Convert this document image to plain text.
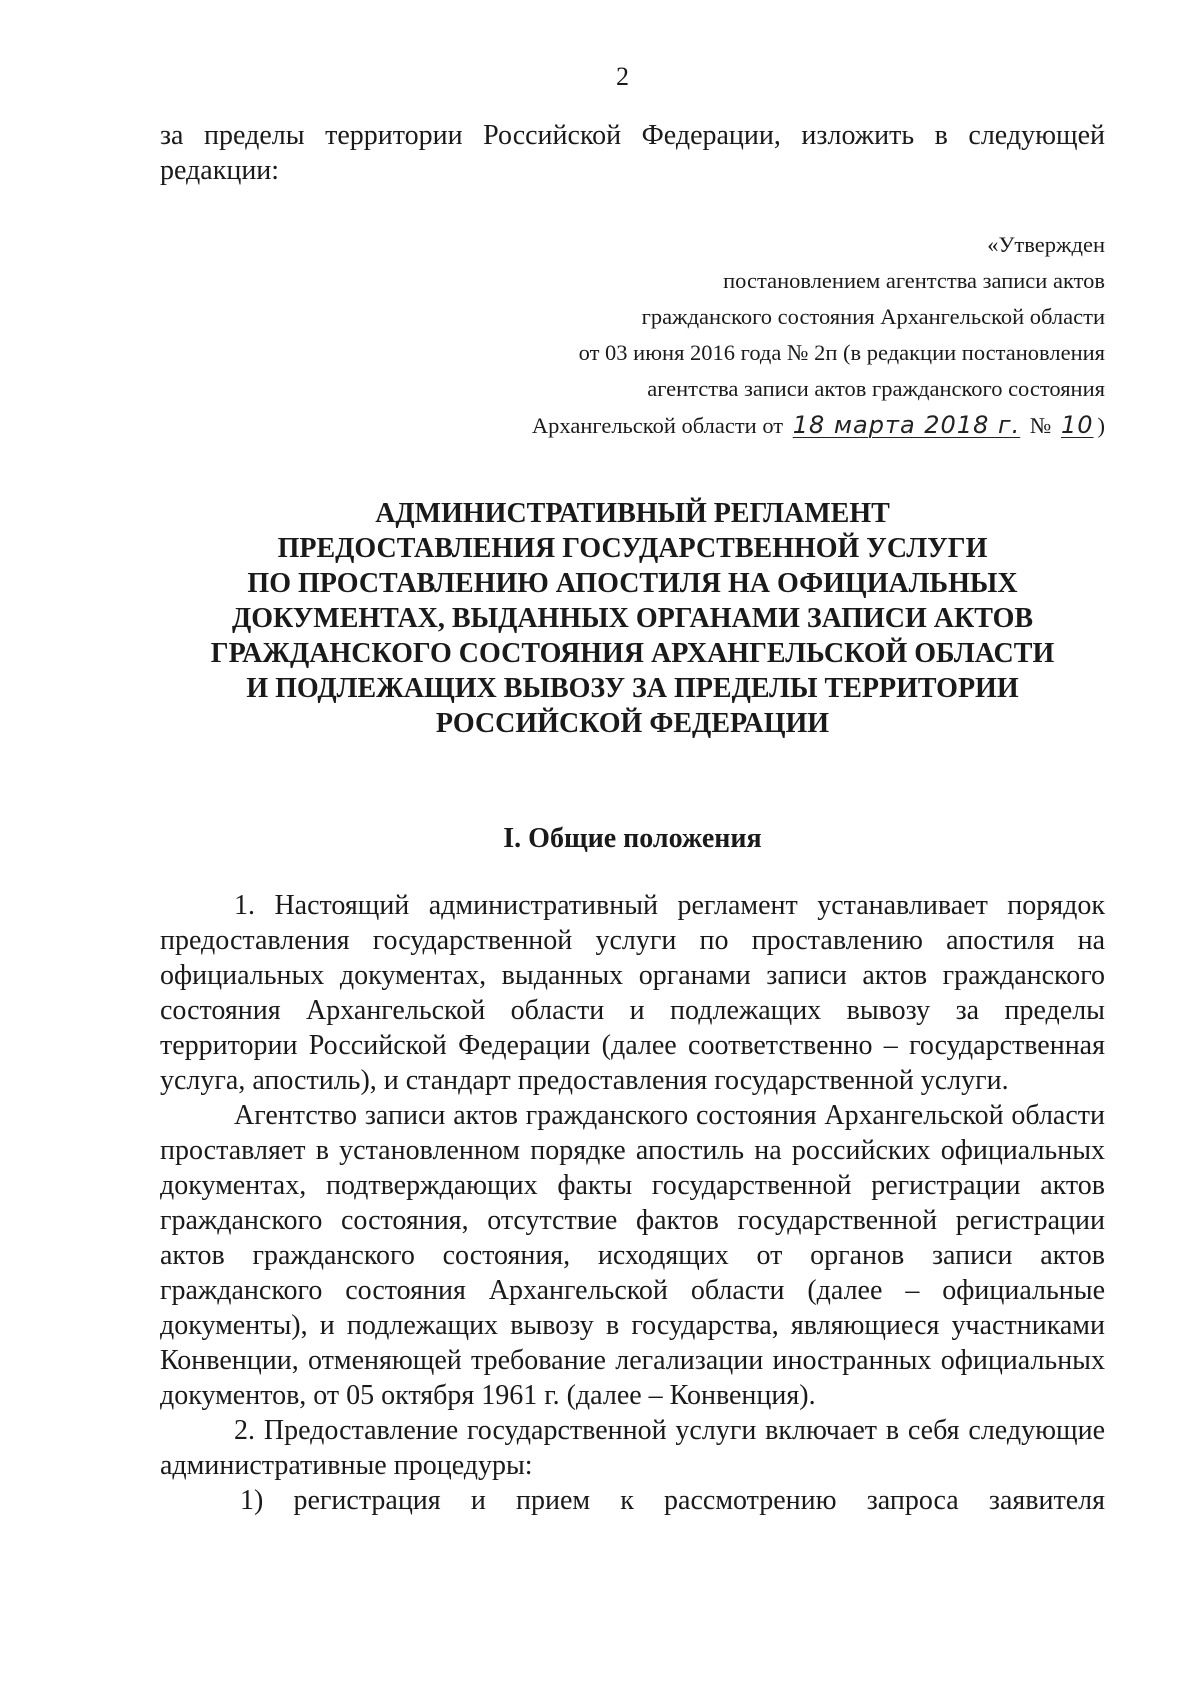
2

за пределы территории Российской Федерации, изложить в следующей

редакции:

«Утвержден

постановлением агентства записи актов

гражданского состояния Архангельской области

от 03 июня 2016 года № 2п (в редакции постановления

агентства записи актов гражданского состояния

Архангельской области от 18 марта 2018 г. № 10 )

АДМИНИСТРАТИВНЫЙ РЕГЛАМЕНТ

ПРЕДОСТАВЛЕНИЯ ГОСУДАРСТВЕННОЙ УСЛУГИ

ПО ПРОСТАВЛЕНИЮ АПОСТИЛЯ НА ОФИЦИАЛЬНЫХ

ДОКУМЕНТАХ, ВЫДАННЫХ ОРГАНАМИ ЗАПИСИ АКТОВ

ГРАЖДАНСКОГО СОСТОЯНИЯ АРХАНГЕЛЬСКОЙ ОБЛАСТИ

И ПОДЛЕЖАЩИХ ВЫВОЗУ ЗА ПРЕДЕЛЫ ТЕРРИТОРИИ

РОССИЙСКОЙ ФЕДЕРАЦИИ

I. Общие положения

1. Настоящий административный регламент устанавливает порядок предоставления государственной услуги по проставлению апостиля на официальных документах, выданных органами записи актов гражданского состояния Архангельской области и подлежащих вывозу за пределы территории Российской Федерации (далее соответственно – государственная услуга, апостиль), и стандарт предоставления государственной услуги.

Агентство записи актов гражданского состояния Архангельской области проставляет в установленном порядке апостиль на российских официальных документах, подтверждающих факты государственной регистрации актов гражданского состояния, отсутствие фактов государственной регистрации актов гражданского состояния, исходящих от органов записи актов гражданского состояния Архангельской области (далее – официальные документы), и подлежащих вывозу в государства, являющиеся участниками Конвенции, отменяющей требование легализации иностранных официальных документов, от 05 октября 1961 г. (далее – Конвенция).

2. Предоставление государственной услуги включает в себя следующие административные процедуры:

1) регистрация и прием к рассмотрению запроса заявителя
